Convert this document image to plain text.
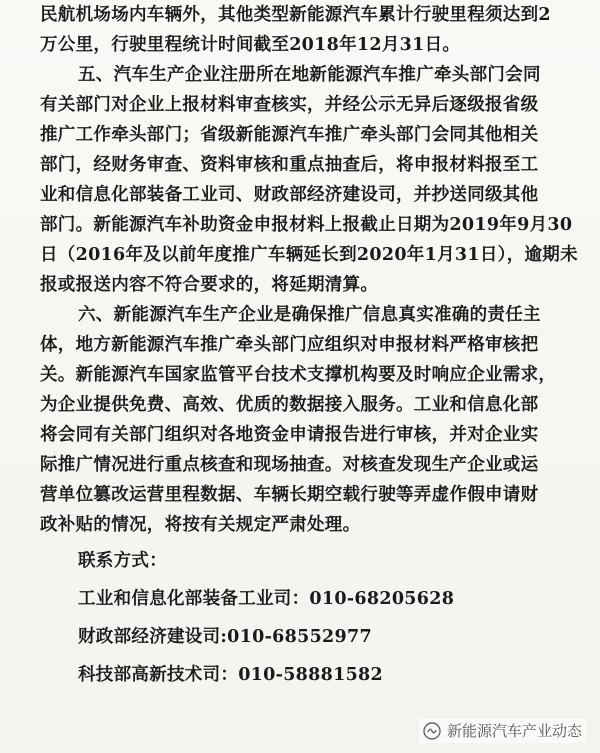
民航机场场内车辆外，其他类型新能源汽车累计行驶里程须达到2
万公里，行驶里程统计时间截至2018年12月31日。
五、汽车生产企业注册所在地新能源汽车推广牵头部门会同
有关部门对企业上报材料审查核实，并经公示无异后逐级报省级
推广工作牵头部门；省级新能源汽车推广牵头部门会同其他相关
部门，经财务审查、资料审核和重点抽查后，将申报材料报至工
业和信息化部装备工业司、财政部经济建设司，并抄送同级其他
部门。新能源汽车补助资金申报材料上报截止日期为2019年9月30
日（2016年及以前年度推广车辆延长到2020年1月31日），逾期未
报或报送内容不符合要求的，将延期清算。
六、新能源汽车生产企业是确保推广信息真实准确的责任主
体，地方新能源汽车推广牵头部门应组织对申报材料严格审核把
关。新能源汽车国家监管平台技术支撑机构要及时响应企业需求，
为企业提供免费、高效、优质的数据接入服务。工业和信息化部
将会同有关部门组织对各地资金申请报告进行审核，并对企业实
际推广情况进行重点核查和现场抽查。对核查发现生产企业或运
营单位篡改运营里程数据、车辆长期空载行驶等弄虚作假申请财
政补贴的情况，将按有关规定严肃处理。
联系方式：
工业和信息化部装备工业司：010-68205628
财政部经济建设司:010-68552977
科技部高新技术司：010-58881582
新能源汽车产业动态
